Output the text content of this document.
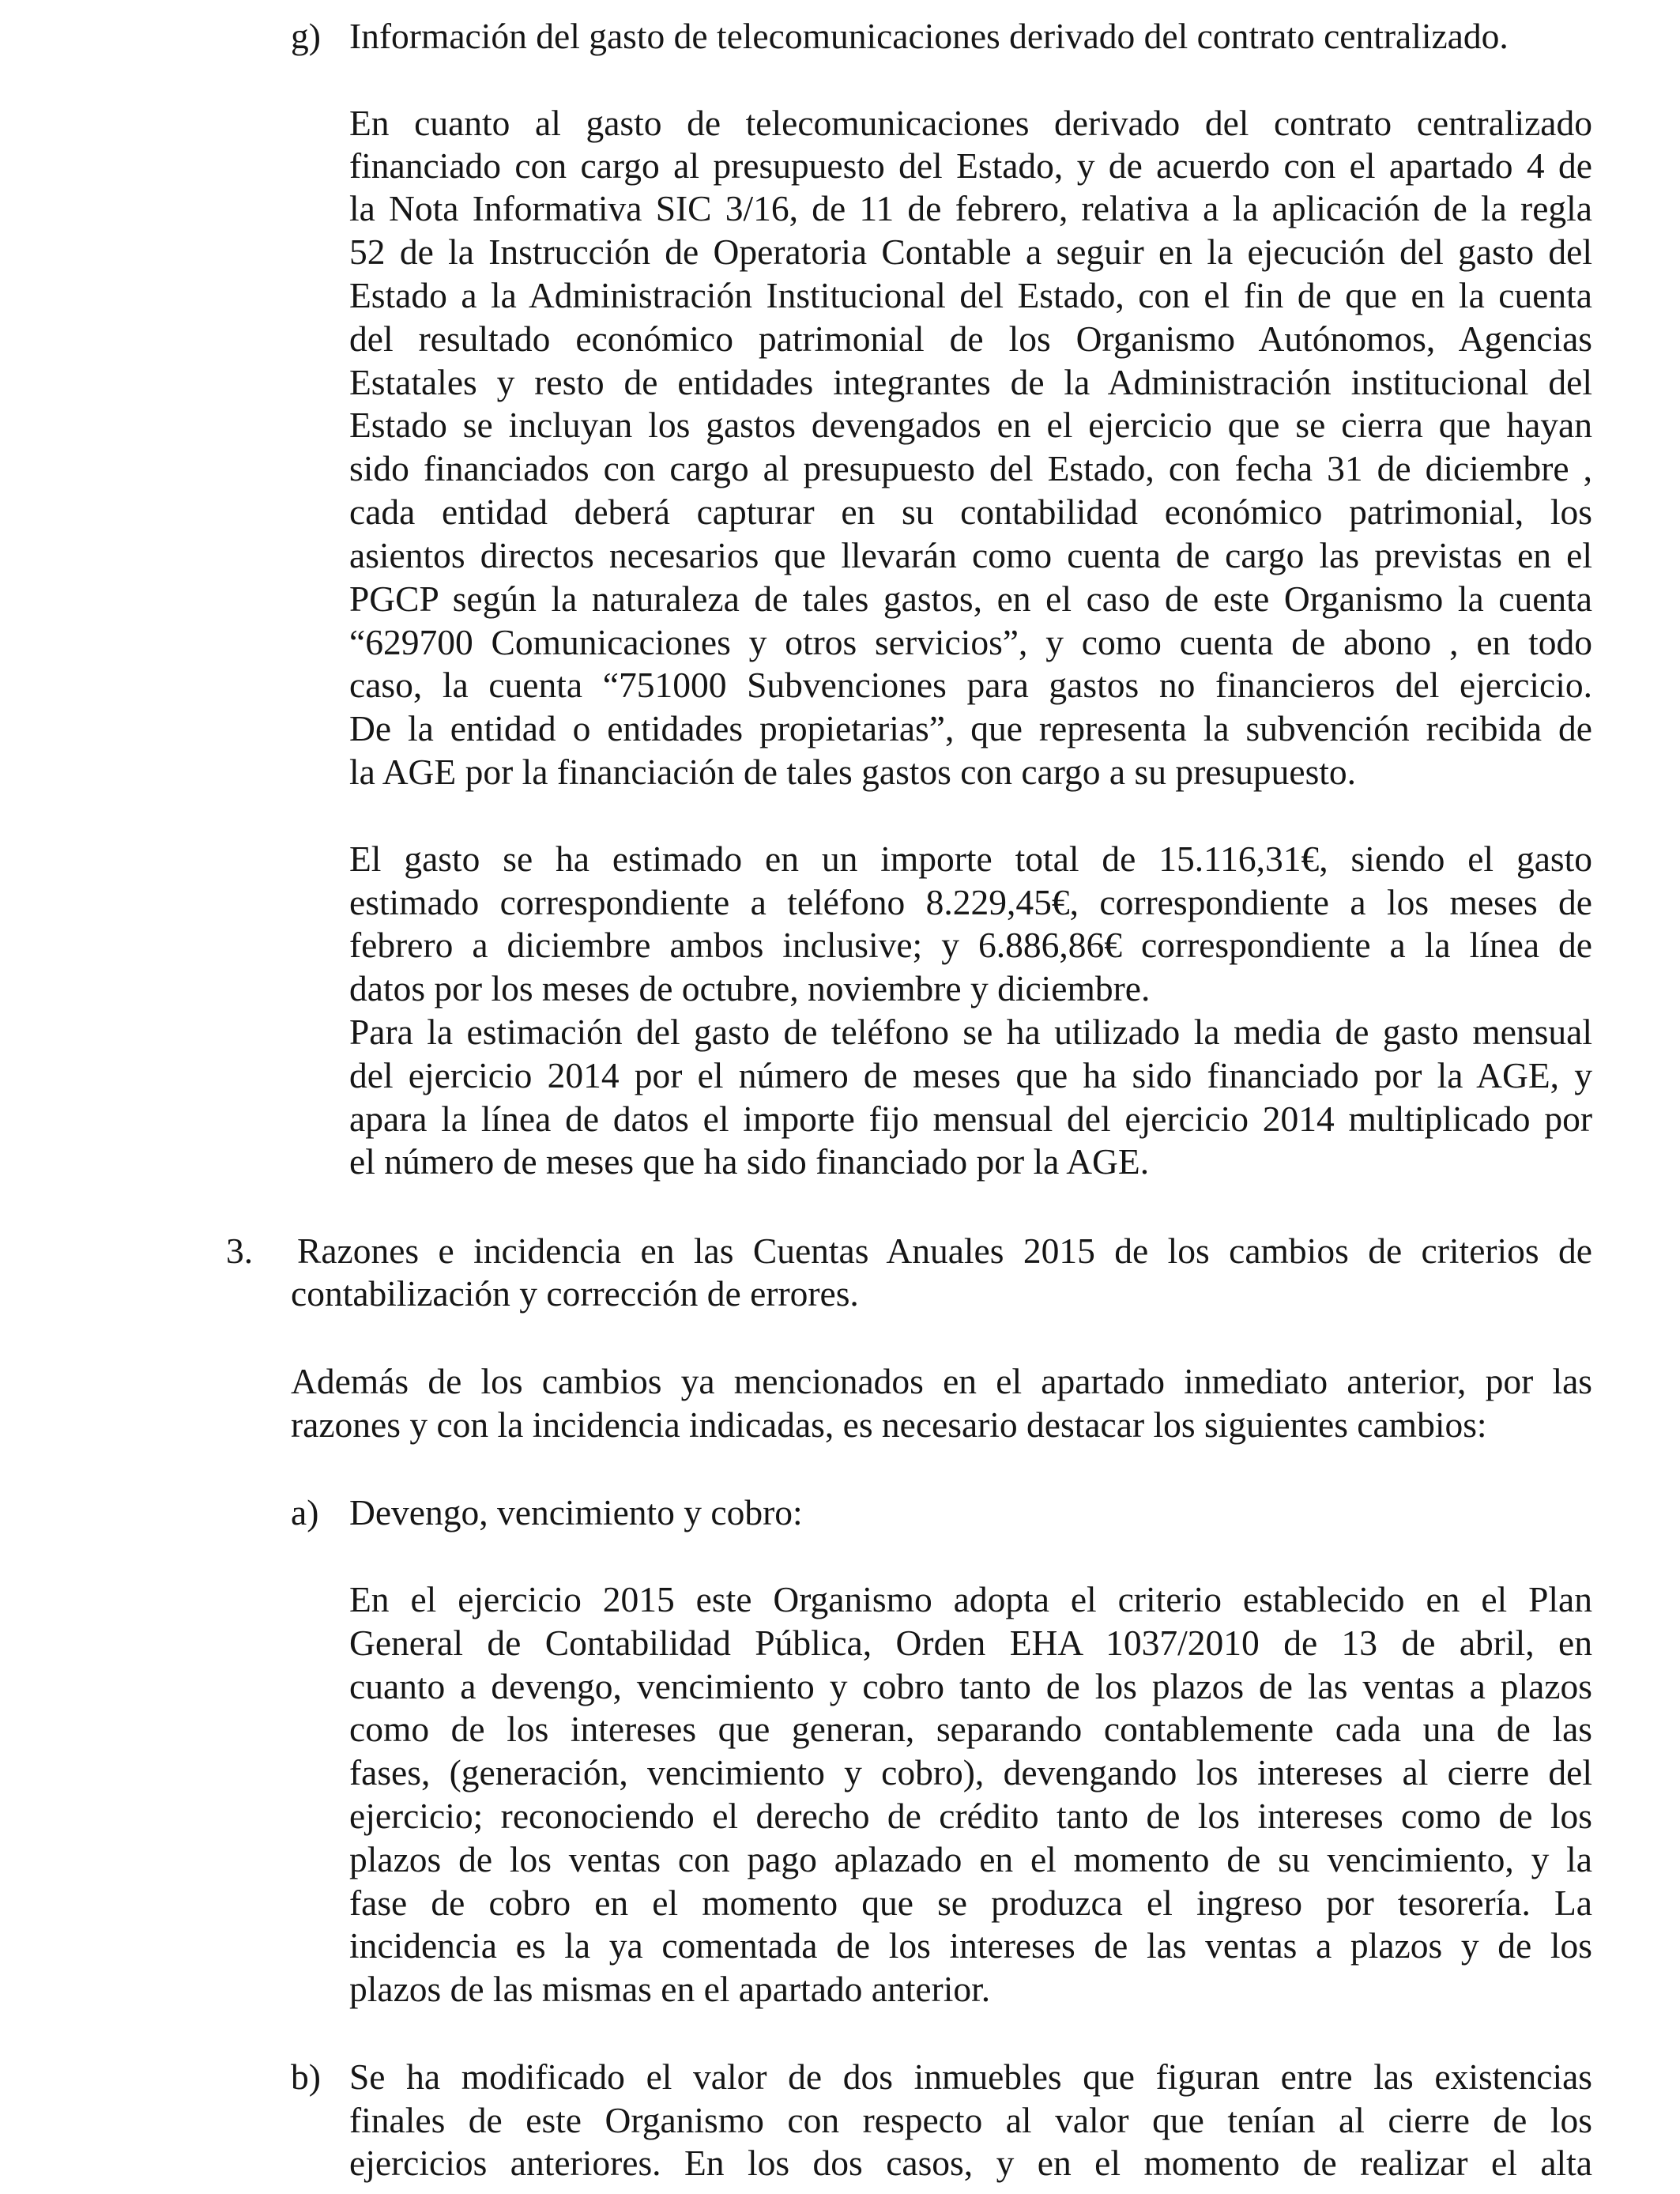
g) Información del gasto de telecomunicaciones derivado del contrato centralizado.
En cuanto al gasto de telecomunicaciones derivado del contrato centralizado
financiado con cargo al presupuesto del Estado, y de acuerdo con el apartado 4 de
la Nota Informativa SIC 3/16, de 11 de febrero, relativa a la aplicación de la regla
52 de la Instrucción de Operatoria Contable a seguir en la ejecución del gasto del
Estado a la Administración Institucional del Estado, con el fin de que en la cuenta
del resultado económico patrimonial de los Organismo Autónomos, Agencias
Estatales y resto de entidades integrantes de la Administración institucional del
Estado se incluyan los gastos devengados en el ejercicio que se cierra que hayan
sido financiados con cargo al presupuesto del Estado, con fecha 31 de diciembre ,
cada entidad deberá capturar en su contabilidad económico patrimonial, los
asientos directos necesarios que llevarán como cuenta de cargo las previstas en el
PGCP según la naturaleza de tales gastos, en el caso de este Organismo la cuenta
“629700 Comunicaciones y otros servicios”, y como cuenta de abono , en todo
caso, la cuenta “751000 Subvenciones para gastos no financieros del ejercicio.
De la entidad o entidades propietarias”, que representa la subvención recibida de
la AGE por la financiación de tales gastos con cargo a su presupuesto.
El gasto se ha estimado en un importe total de 15.116,31€, siendo el gasto
estimado correspondiente a teléfono 8.229,45€, correspondiente a los meses de
febrero a diciembre ambos inclusive; y 6.886,86€ correspondiente a la línea de
datos por los meses de octubre, noviembre y diciembre.
Para la estimación del gasto de teléfono se ha utilizado la media de gasto mensual
del ejercicio 2014 por el número de meses que ha sido financiado por la AGE, y
apara la línea de datos el importe fijo mensual del ejercicio 2014 multiplicado por
el número de meses que ha sido financiado por la AGE.
3. Razones e incidencia en las Cuentas Anuales 2015 de los cambios de criterios de
contabilización y corrección de errores.
Además de los cambios ya mencionados en el apartado inmediato anterior, por las
razones y con la incidencia indicadas, es necesario destacar los siguientes cambios:
a) Devengo, vencimiento y cobro:
En el ejercicio 2015 este Organismo adopta el criterio establecido en el Plan
General de Contabilidad Pública, Orden EHA 1037/2010 de 13 de abril, en
cuanto a devengo, vencimiento y cobro tanto de los plazos de las ventas a plazos
como de los intereses que generan, separando contablemente cada una de las
fases, (generación, vencimiento y cobro), devengando los intereses al cierre del
ejercicio; reconociendo el derecho de crédito tanto de los intereses como de los
plazos de los ventas con pago aplazado en el momento de su vencimiento, y la
fase de cobro en el momento que se produzca el ingreso por tesorería. La
incidencia es la ya comentada de los intereses de las ventas a plazos y de los
plazos de las mismas en el apartado anterior.
b) Se ha modificado el valor de dos inmuebles que figuran entre las existencias
finales de este Organismo con respecto al valor que tenían al cierre de los
ejercicios anteriores. En los dos casos, y en el momento de realizar el alta
